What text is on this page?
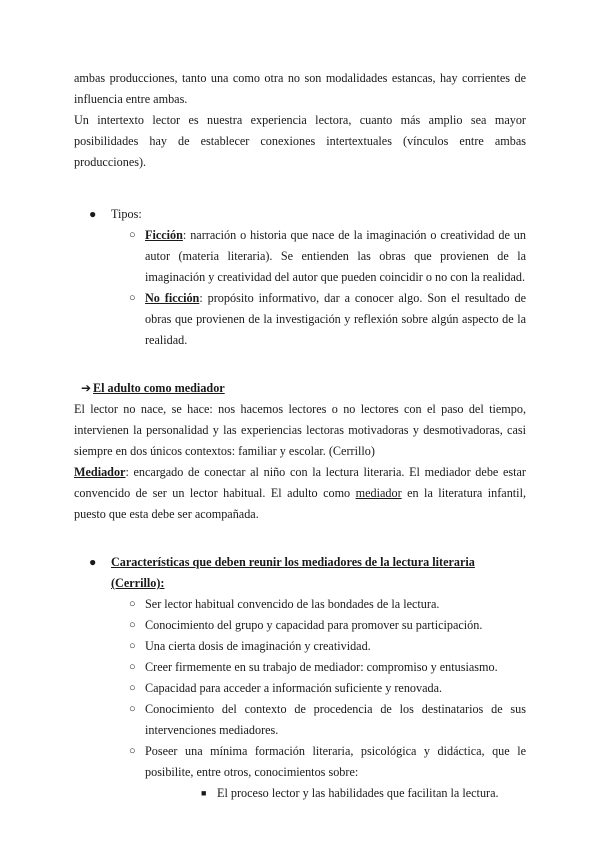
ambas producciones, tanto una como otra no son modalidades estancas, hay corrientes de influencia entre ambas.

Un intertexto lector es nuestra experiencia lectora, cuanto más amplio sea mayor posibilidades hay de establecer conexiones intertextuales (vínculos entre ambas producciones).

● Tipos:
○ Ficción: narración o historia que nace de la imaginación o creatividad de un autor (materia literaria). Se entienden las obras que provienen de la imaginación y creatividad del autor que pueden coincidir o no con la realidad.

○ No ficción: propósito informativo, dar a conocer algo. Son el resultado de obras que provienen de la investigación y reflexión sobre algún aspecto de la realidad.

➔ El adulto como mediador

El lector no nace, se hace: nos hacemos lectores o no lectores con el paso del tiempo, intervienen la personalidad y las experiencias lectoras motivadoras y desmotivadoras, casi siempre en dos únicos contextos: familiar y escolar. (Cerrillo)

Mediador: encargado de conectar al niño con la lectura literaria. El mediador debe estar convencido de ser un lector habitual. El adulto como mediador en la literatura infantil, puesto que esta debe ser acompañada.

● Características que deben reunir los mediadores de la lectura literaria (Cerrillo):
○ Ser lector habitual convencido de las bondades de la lectura.

○ Conocimiento del grupo y capacidad para promover su participación.

○ Una cierta dosis de imaginación y creatividad.

○ Creer firmemente en su trabajo de mediador: compromiso y entusiasmo.

○ Capacidad para acceder a información suficiente y renovada.

○ Conocimiento del contexto de procedencia de los destinatarios de sus intervenciones mediadores.

○ Poseer una mínima formación literaria, psicológica y didáctica, que le posibilite, entre otros, conocimientos sobre:

■ El proceso lector y las habilidades que facilitan la lectura.
